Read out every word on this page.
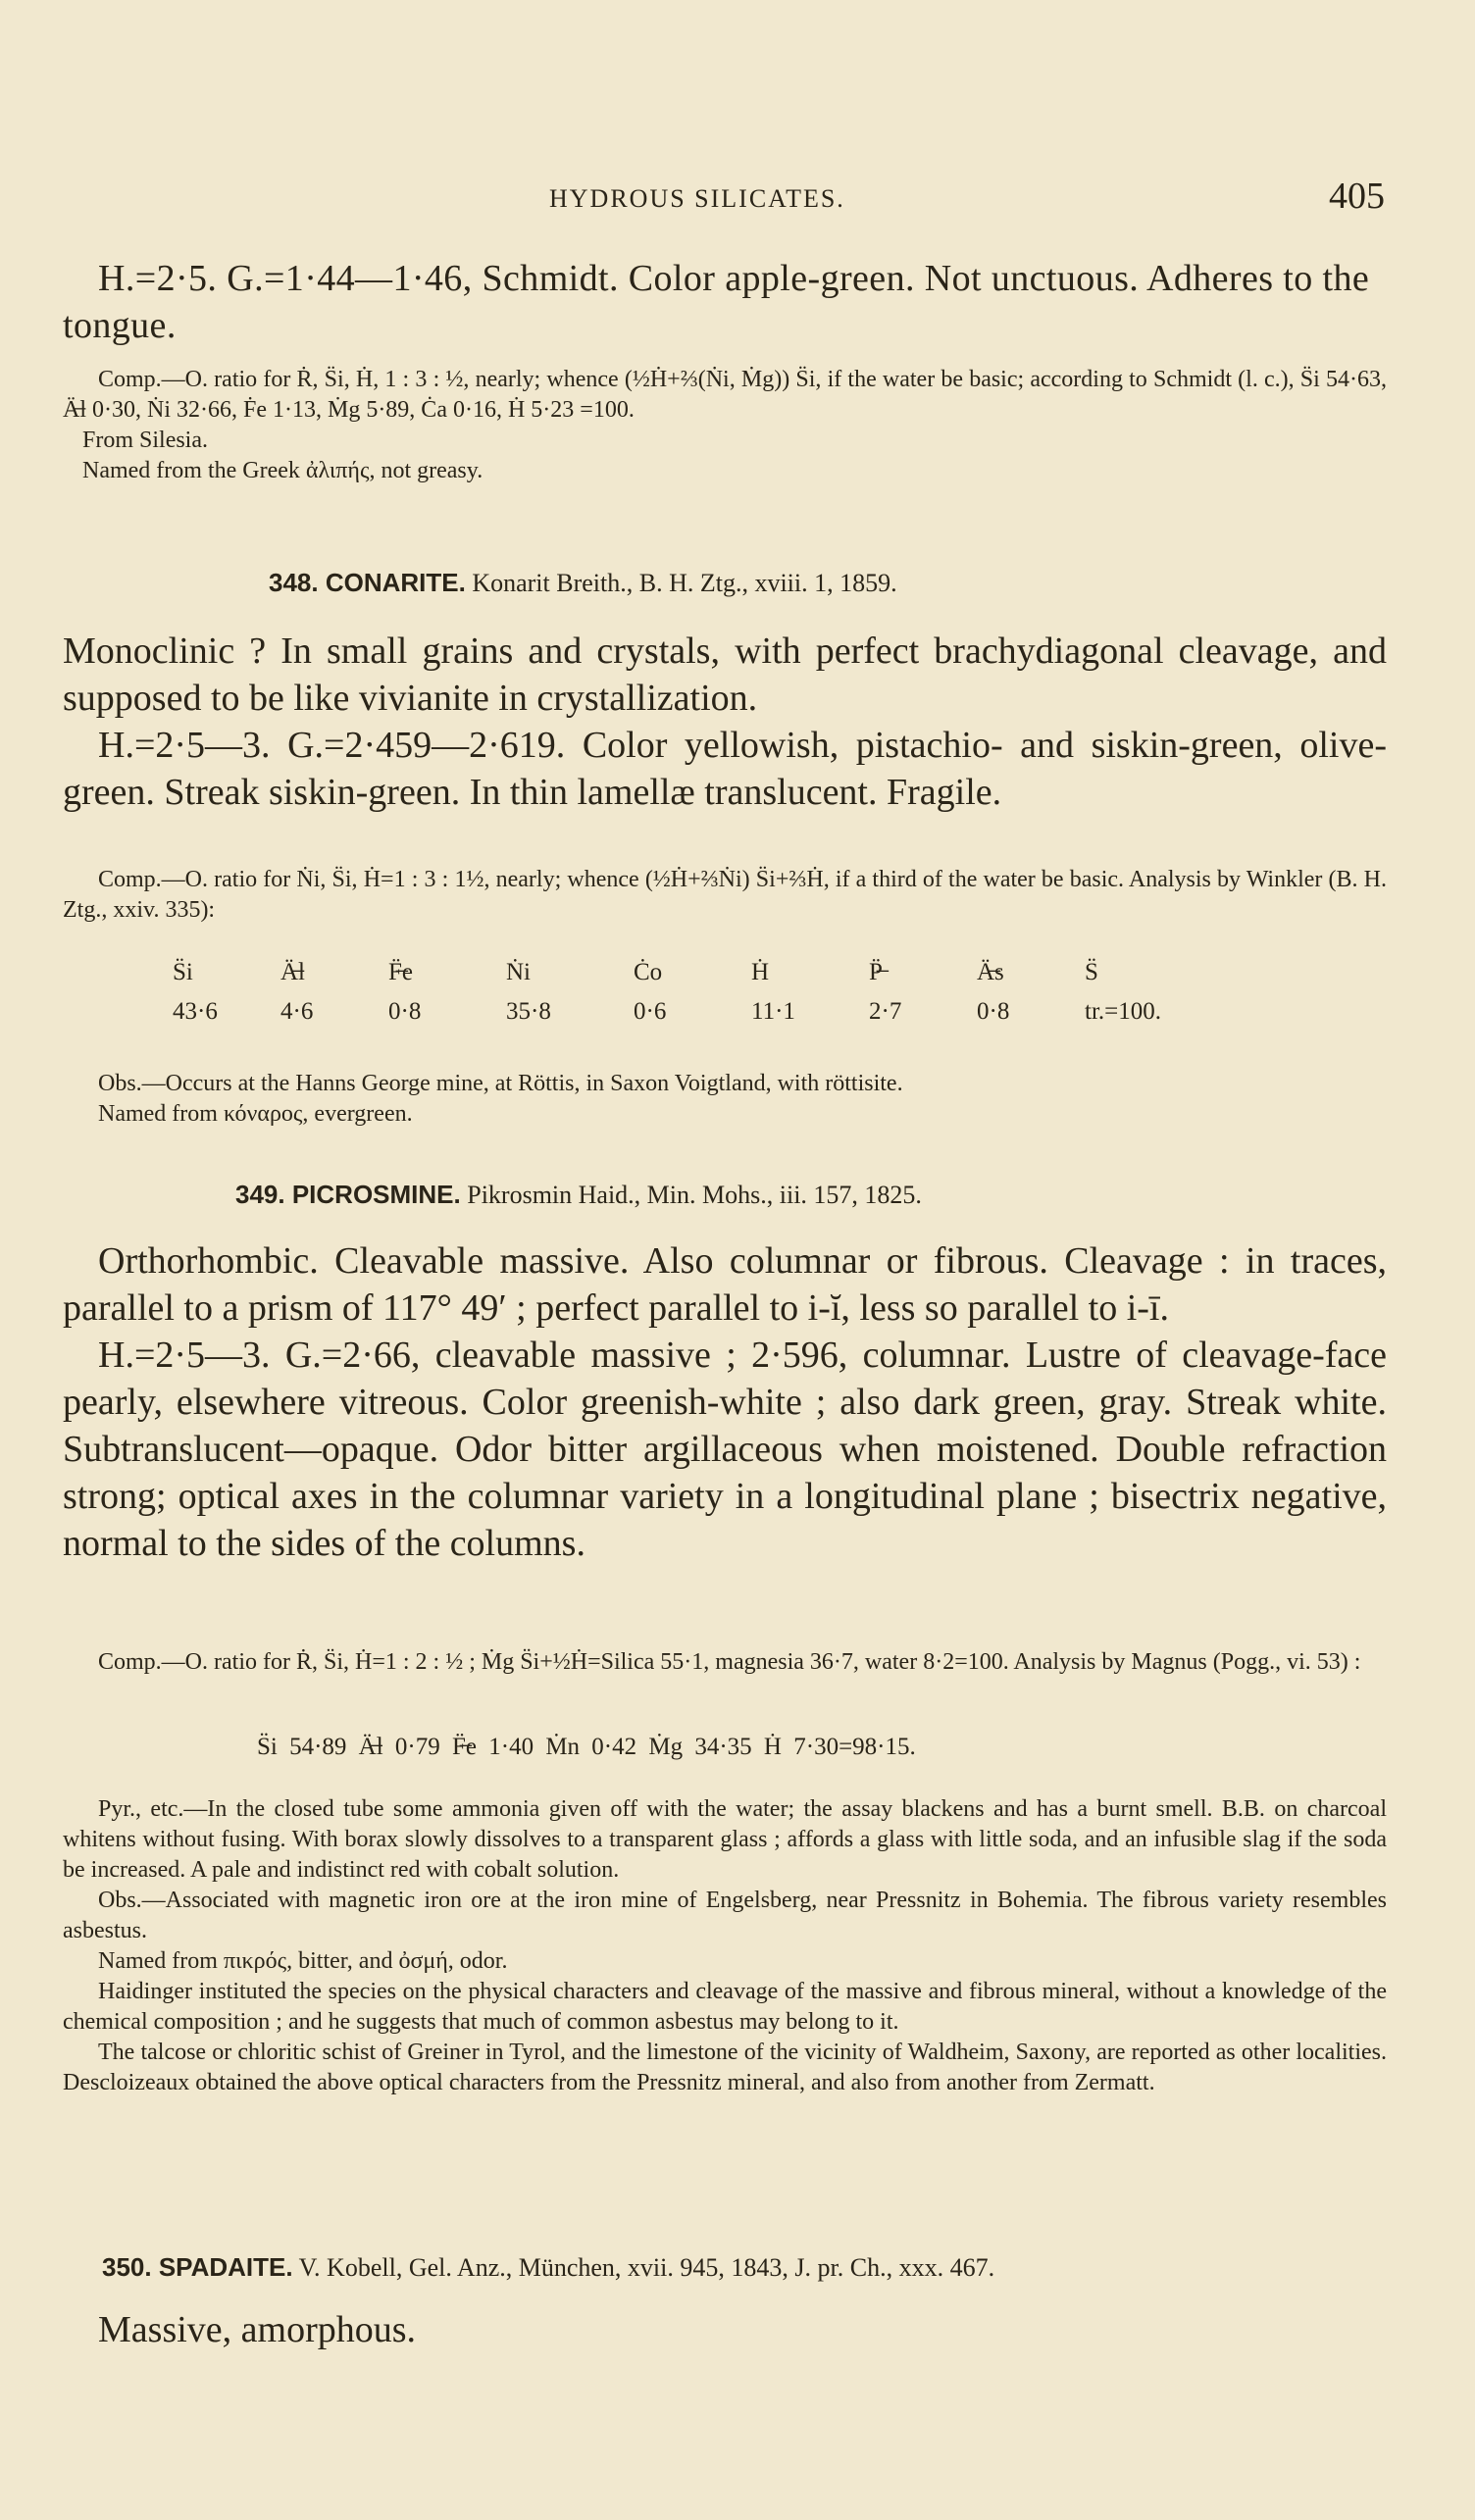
HYDROUS SILICATES.	405

H.=2·5. G.=1·44—1·46, Schmidt. Color apple-green. Not unctuous. Adheres to the tongue.

Comp.—O. ratio for Ṙ, S̈i, Ḣ, 1 : 3 : ½, nearly; whence (½Ḣ+⅔(Ṅi, Ṁg)) S̈i, if the water be basic; according to Schmidt (l. c.), S̈i 54·63, Ä̶l 0·30, Ṅi 32·66, Ḟe 1·13, Ṁg 5·89, Ċa 0·16, Ḣ 5·23 =100.

From Silesia.

Named from the Greek ἀλιπής, not greasy.

348. CONARITE. Konarit Breith., B. H. Ztg., xviii. 1, 1859.

Monoclinic ? In small grains and crystals, with perfect brachydiagonal cleavage, and supposed to be like vivianite in crystallization.

H.=2·5—3. G.=2·459—2·619. Color yellowish, pistachio- and siskin-green, olive-green. Streak siskin-green. In thin lamellæ translucent. Fragile.

Comp.—O. ratio for Ṅi, S̈i, Ḣ=1 : 3 : 1½, nearly; whence (½Ḣ+⅔Ṅi) S̈i+⅔Ḣ, if a third of the water be basic. Analysis by Winkler (B. H. Ztg., xxiv. 335):

S̈i	Ä̶l	F̶̈e	Ṅi	Ċo	Ḣ	P̶̈	Ä̶s	S̈
43·6	4·6	0·8	35·8	0·6	11·1	2·7	0·8	tr.=100.

Obs.—Occurs at the Hanns George mine, at Röttis, in Saxon Voigtland, with röttisite.

Named from κόναρος, evergreen.

349. PICROSMINE. Pikrosmin Haid., Min. Mohs., iii. 157, 1825.

Orthorhombic. Cleavable massive. Also columnar or fibrous. Cleavage : in traces, parallel to a prism of 117° 49′ ; perfect parallel to i-ĭ, less so parallel to i-ī.

H.=2·5—3. G.=2·66, cleavable massive ; 2·596, columnar. Lustre of cleavage-face pearly, elsewhere vitreous. Color greenish-white ; also dark green, gray. Streak white. Subtranslucent—opaque. Odor bitter argillaceous when moistened. Double refraction strong; optical axes in the columnar variety in a longitudinal plane ; bisectrix negative, normal to the sides of the columns.

Comp.—O. ratio for Ṙ, S̈i, Ḣ=1 : 2 : ½ ; Ṁg S̈i+½Ḣ=Silica 55·1, magnesia 36·7, water 8·2=100. Analysis by Magnus (Pogg., vi. 53) :

S̈i 54·89 Ä̶l 0·79 F̶̈e 1·40 Ṁn 0·42 Ṁg 34·35 Ḣ 7·30=98·15.

Pyr., etc.—In the closed tube some ammonia given off with the water; the assay blackens and has a burnt smell. B.B. on charcoal whitens without fusing. With borax slowly dissolves to a transparent glass ; affords a glass with little soda, and an infusible slag if the soda be increased. A pale and indistinct red with cobalt solution.

Obs.—Associated with magnetic iron ore at the iron mine of Engelsberg, near Pressnitz in Bohemia. The fibrous variety resembles asbestus.

Named from πικρός, bitter, and ὀσμή, odor.

Haidinger instituted the species on the physical characters and cleavage of the massive and fibrous mineral, without a knowledge of the chemical composition ; and he suggests that much of common asbestus may belong to it.

The talcose or chloritic schist of Greiner in Tyrol, and the limestone of the vicinity of Waldheim, Saxony, are reported as other localities. Descloizeaux obtained the above optical characters from the Pressnitz mineral, and also from another from Zermatt.

350. SPADAITE. V. Kobell, Gel. Anz., München, xvii. 945, 1843, J. pr. Ch., xxx. 467.

Massive, amorphous.
